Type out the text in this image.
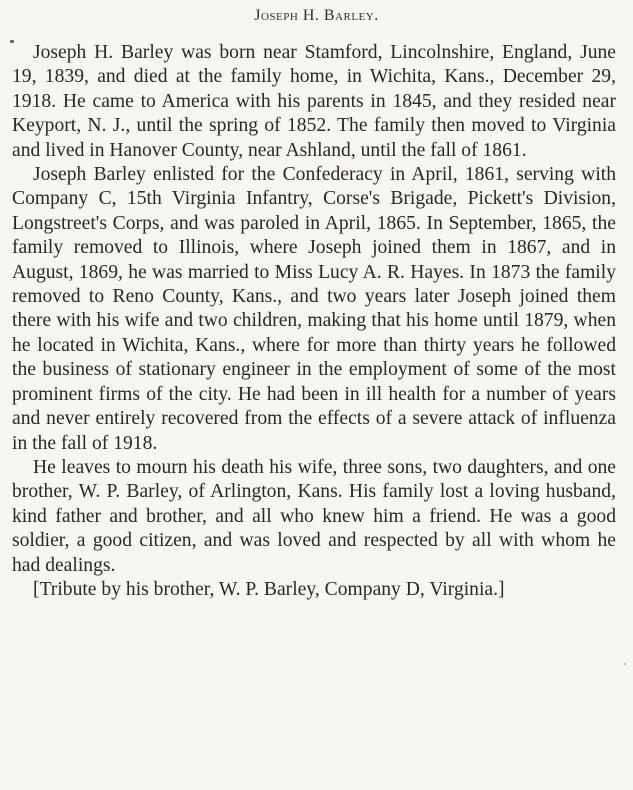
Joseph H. Barley.

Joseph H. Barley was born near Stamford, Lincolnshire, England, June 19, 1839, and died at the family home, in Wichita, Kans., December 29, 1918. He came to America with his parents in 1845, and they resided near Keyport, N. J., until the spring of 1852. The family then moved to Virginia and lived in Hanover County, near Ashland, until the fall of 1861.

Joseph Barley enlisted for the Confederacy in April, 1861, serving with Company C, 15th Virginia Infantry, Corse's Brigade, Pickett's Division, Longstreet's Corps, and was paroled in April, 1865. In September, 1865, the family removed to Illinois, where Joseph joined them in 1867, and in August, 1869, he was married to Miss Lucy A. R. Hayes. In 1873 the family removed to Reno County, Kans., and two years later Joseph joined them there with his wife and two children, making that his home until 1879, when he located in Wichita, Kans., where for more than thirty years he followed the business of stationary engineer in the employment of some of the most prominent firms of the city. He had been in ill health for a number of years and never entirely recovered from the effects of a severe attack of influenza in the fall of 1918.

He leaves to mourn his death his wife, three sons, two daughters, and one brother, W. P. Barley, of Arlington, Kans. His family lost a loving husband, kind father and brother, and all who knew him a friend. He was a good soldier, a good citizen, and was loved and respected by all with whom he had dealings.

[Tribute by his brother, W. P. Barley, Company D, Virginia.]
